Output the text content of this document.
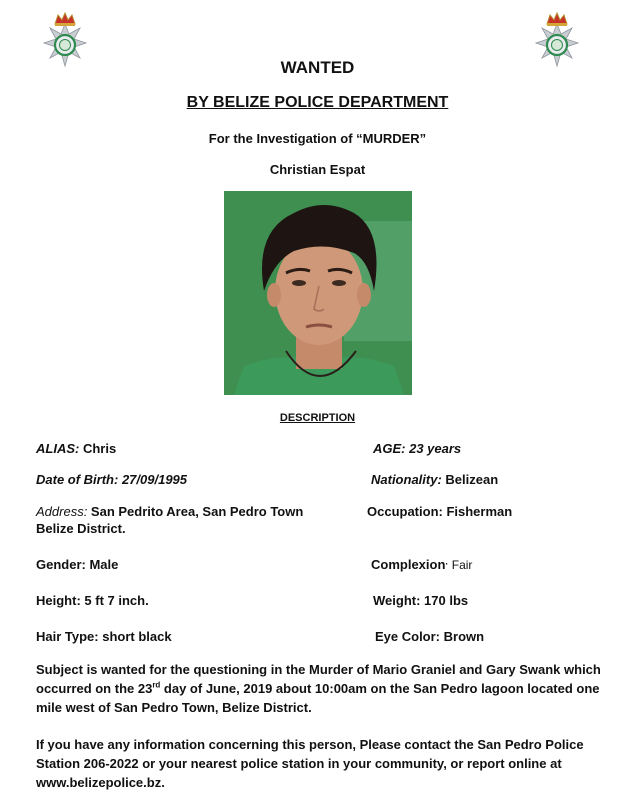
WANTED
BY BELIZE POLICE DEPARTMENT
For the Investigation of “MURDER”
Christian Espat
DESCRIPTION
ALIAS: Chris
Date of Birth: 27/09/1995
Address: San Pedrito Area, San Pedro Town
Belize District.
Gender: Male
Height: 5 ft 7 inch.
Hair Type: short black
AGE: 23 years
Nationality: Belizean
Occupation: Fisherman
Complexion· Fair
Weight: 170 lbs
Eye Color: Brown
Subject is wanted for the questioning in the Murder of Mario Graniel and Gary Swank which occurred on the 23rd day of June, 2019 about 10:00am on the San Pedro lagoon located one mile west of San Pedro Town, Belize District.
If you have any information concerning this person, Please contact the San Pedro Police Station 206-2022 or your nearest police station in your community, or report online at www.belizepolice.bz.
